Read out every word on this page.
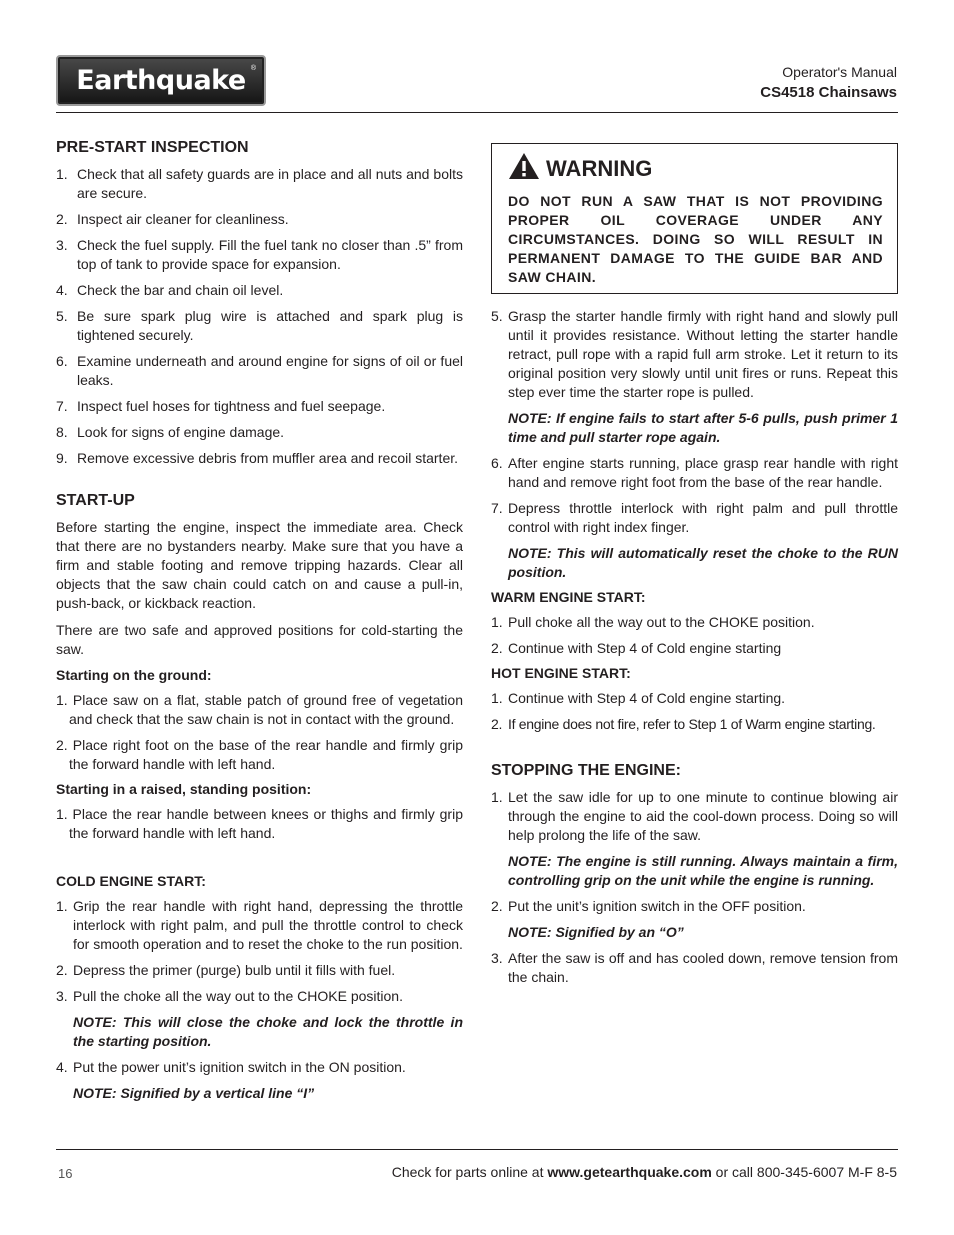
Earthquake ®	Operator's Manual
CS4518 Chainsaws
PRE-START INSPECTION
1. Check that all safety guards are in place and all nuts and bolts are secure.
2. Inspect air cleaner for cleanliness.
3. Check the fuel supply. Fill the fuel tank no closer than .5” from top of tank to provide space for expansion.
4. Check the bar and chain oil level.
5. Be sure spark plug wire is attached and spark plug is tightened securely.
6. Examine underneath and around engine for signs of oil or fuel leaks.
7. Inspect fuel hoses for tightness and fuel seepage.
8. Look for signs of engine damage.
9. Remove excessive debris from muffler area and recoil starter.
START-UP

Before starting the engine, inspect the immediate area. Check that there are no bystanders nearby. Make sure that you have a firm and stable footing and remove tripping hazards. Clear all objects that the saw chain could catch on and cause a pull-in, push-back, or kickback reaction.

There are two safe and approved positions for cold-starting the saw.

Starting on the ground:
1. Place saw on a flat, stable patch of ground free of vegetation and check that the saw chain is not in contact with the ground.
2. Place right foot on the base of the rear handle and firmly grip the forward handle with left hand.
Starting in a raised, standing position:
1. Place the rear handle between knees or thighs and firmly grip the forward handle with left hand.
COLD ENGINE START:
1. Grip the rear handle with right hand, depressing the throttle interlock with right palm, and pull the throttle control to check for smooth operation and to reset the choke to the run position.
2. Depress the primer (purge) bulb until it fills with fuel.
3. Pull the choke all the way out to the CHOKE position.
NOTE: This will close the choke and lock the throttle in the starting position.
4. Put the power unit’s ignition switch in the ON position.
NOTE: Signified by a vertical line “I”
WARNING
DO NOT RUN A SAW THAT IS NOT PROVIDING PROPER OIL COVERAGE UNDER ANY CIRCUMSTANCES. DOING SO WILL RESULT IN PERMANENT DAMAGE TO THE GUIDE BAR AND SAW CHAIN.
5. Grasp the starter handle firmly with right hand and slowly pull until it provides resistance. Without letting the starter handle retract, pull rope with a rapid full arm stroke. Let it return to its original position very slowly until unit fires or runs. Repeat this step ever time the starter rope is pulled.
NOTE: If engine fails to start after 5-6 pulls, push primer 1 time and pull starter rope again.
6. After engine starts running, place grasp rear handle with right hand and remove right foot from the base of the rear handle.
7. Depress throttle interlock with right palm and pull throttle control with right index finger.
NOTE: This will automatically reset the choke to the RUN position.
WARM ENGINE START:
1. Pull choke all the way out to the CHOKE position.
2. Continue with Step 4 of Cold engine starting
HOT ENGINE START:
1. Continue with Step 4 of Cold engine starting.
2. If engine does not fire, refer to Step 1 of Warm engine starting.
STOPPING THE ENGINE:
1. Let the saw idle for up to one minute to continue blowing air through the engine to aid the cool-down process. Doing so will help prolong the life of the saw.
NOTE: The engine is still running. Always maintain a firm, controlling grip on the unit while the engine is running.
2. Put the unit’s ignition switch in the OFF position.
NOTE: Signified by an “O”
3. After the saw is off and has cooled down, remove tension from the chain.
16	Check for parts online at www.getearthquake.com or call 800-345-6007 M-F 8-5
